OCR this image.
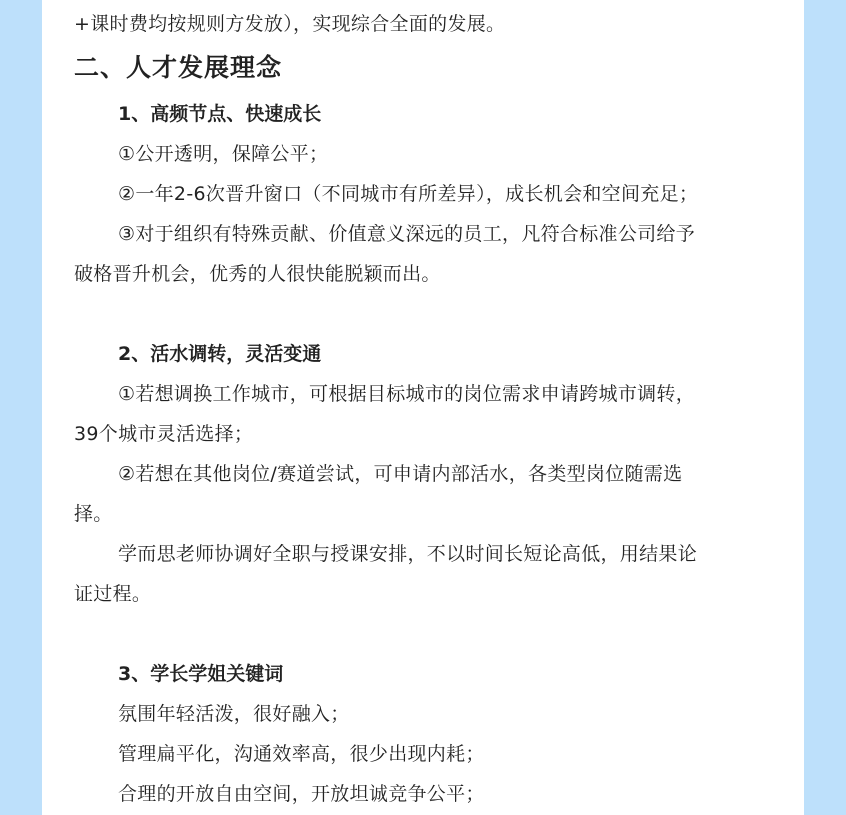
+课时费均按规则方发放），实现综合全面的发展。

二、人才发展理念
1、高频节点、快速成长

①公开透明，保障公平；

②一年2-6次晋升窗口（不同城市有所差异），成长机会和空间充足；

③对于组织有特殊贡献、价值意义深远的员工，凡符合标准公司给予

破格晋升机会，优秀的人很快能脱颖而出。

2、活水调转，灵活变通

①若想调换工作城市，可根据目标城市的岗位需求申请跨城市调转，

39个城市灵活选择；

②若想在其他岗位/赛道尝试，可申请内部活水，各类型岗位随需选

择。

学而思老师协调好全职与授课安排，不以时间长短论高低，用结果论

证过程。

3、学长学姐关键词

氛围年轻活泼，很好融入；

管理扁平化，沟通效率高，很少出现内耗；

合理的开放自由空间，开放坦诚竞争公平；
